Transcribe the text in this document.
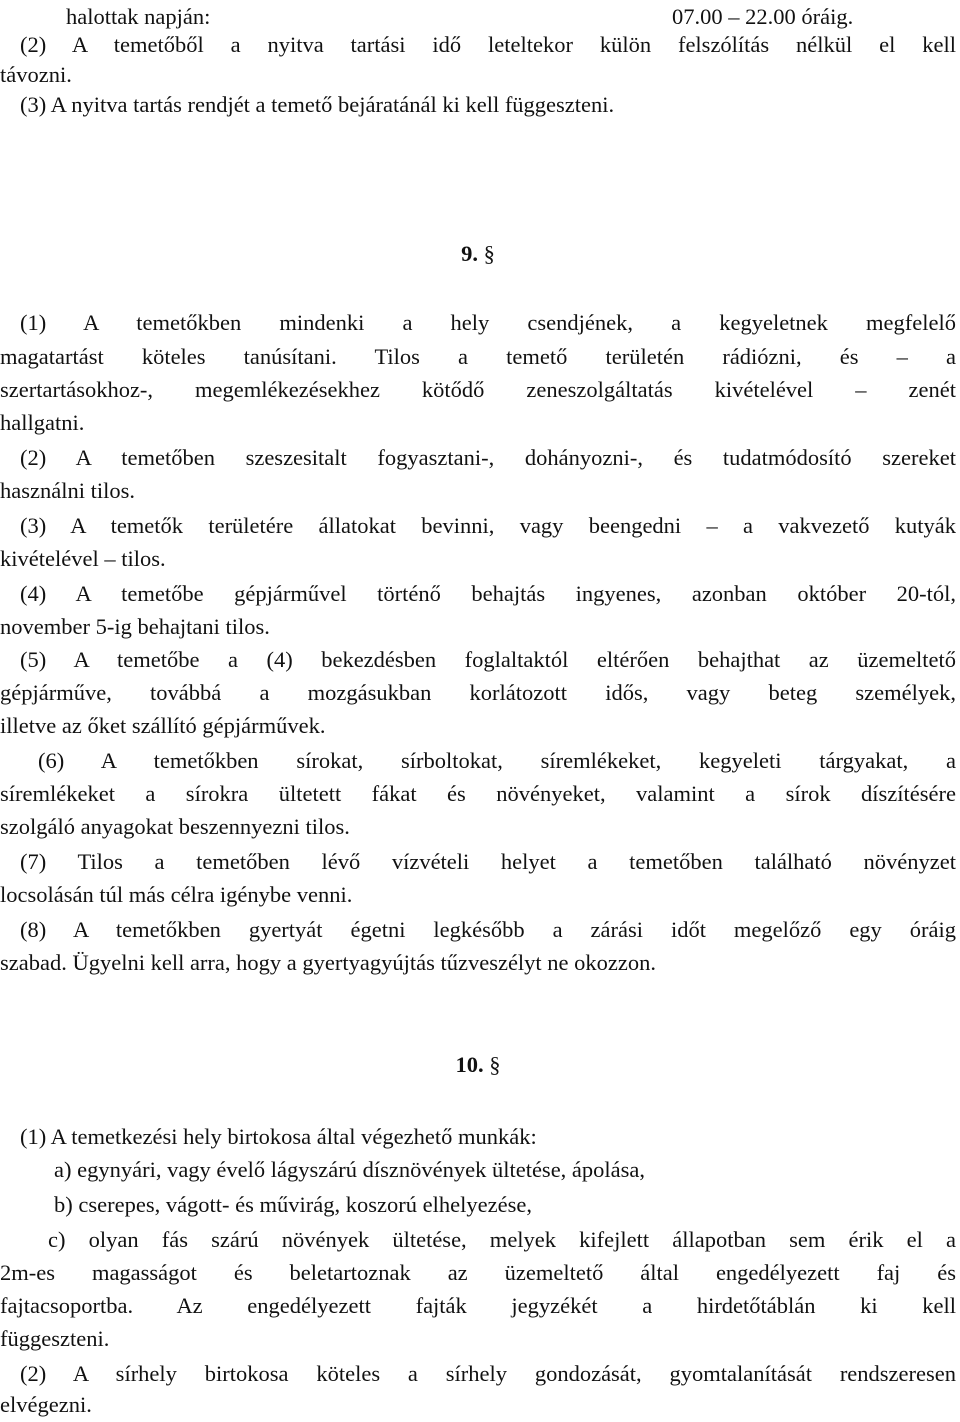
halottak napján:	07.00 – 22.00 óráig.
(2) A temetőből a nyitva tartási idő leteltekor külön felszólítás nélkül el kell
távozni.
(3) A nyitva tartás rendjét a temető bejáratánál ki kell függeszteni.
9. §
(1) A temetőkben mindenki a hely csendjének, a kegyeletnek megfelelő
magatartást köteles tanúsítani. Tilos a temető területén rádiózni, és – a
szertartásokhoz-, megemlékezésekhez kötődő zeneszolgáltatás kivételével – zenét
hallgatni.
(2) A temetőben szeszesitalt fogyasztani-, dohányozni-, és tudatmódosító szereket
használni tilos.
(3) A temetők területére állatokat bevinni, vagy beengedni – a vakvezető kutyák
kivételével – tilos.
(4) A temetőbe gépjárművel történő behajtás ingyenes, azonban október 20-tól,
november 5-ig behajtani tilos.
(5) A temetőbe a (4) bekezdésben foglaltaktól eltérően behajthat az üzemeltető
gépjárműve, továbbá a mozgásukban korlátozott idős, vagy beteg személyek,
illetve az őket szállító gépjárművek.
(6) A temetőkben sírokat, sírboltokat, síremlékeket, kegyeleti tárgyakat, a
síremlékeket a sírokra ültetett fákat és növényeket, valamint a sírok díszítésére
szolgáló anyagokat beszennyezni tilos.
(7) Tilos a temetőben lévő vízvételi helyet a temetőben található növényzet
locsolásán túl más célra igénybe venni.
(8) A temetőkben gyertyát égetni legkésőbb a zárási időt megelőző egy óráig
szabad. Ügyelni kell arra, hogy a gyertyagyújtás tűzveszélyt ne okozzon.
10. §
(1) A temetkezési hely birtokosa által végezhető munkák:
a) egynyári, vagy évelő lágyszárú dísznövények ültetése, ápolása,
b) cserepes, vágott- és művirág, koszorú elhelyezése,
c) olyan fás szárú növények ültetése, melyek kifejlett állapotban sem érik el a
2m-es magasságot és beletartoznak az üzemeltető által engedélyezett faj és
fajtacsoportba. Az engedélyezett fajták jegyzékét a hirdetőtáblán ki kell
függeszteni.
(2) A sírhely birtokosa köteles a sírhely gondozását, gyomtalanítását rendszeresen
elvégezni.
